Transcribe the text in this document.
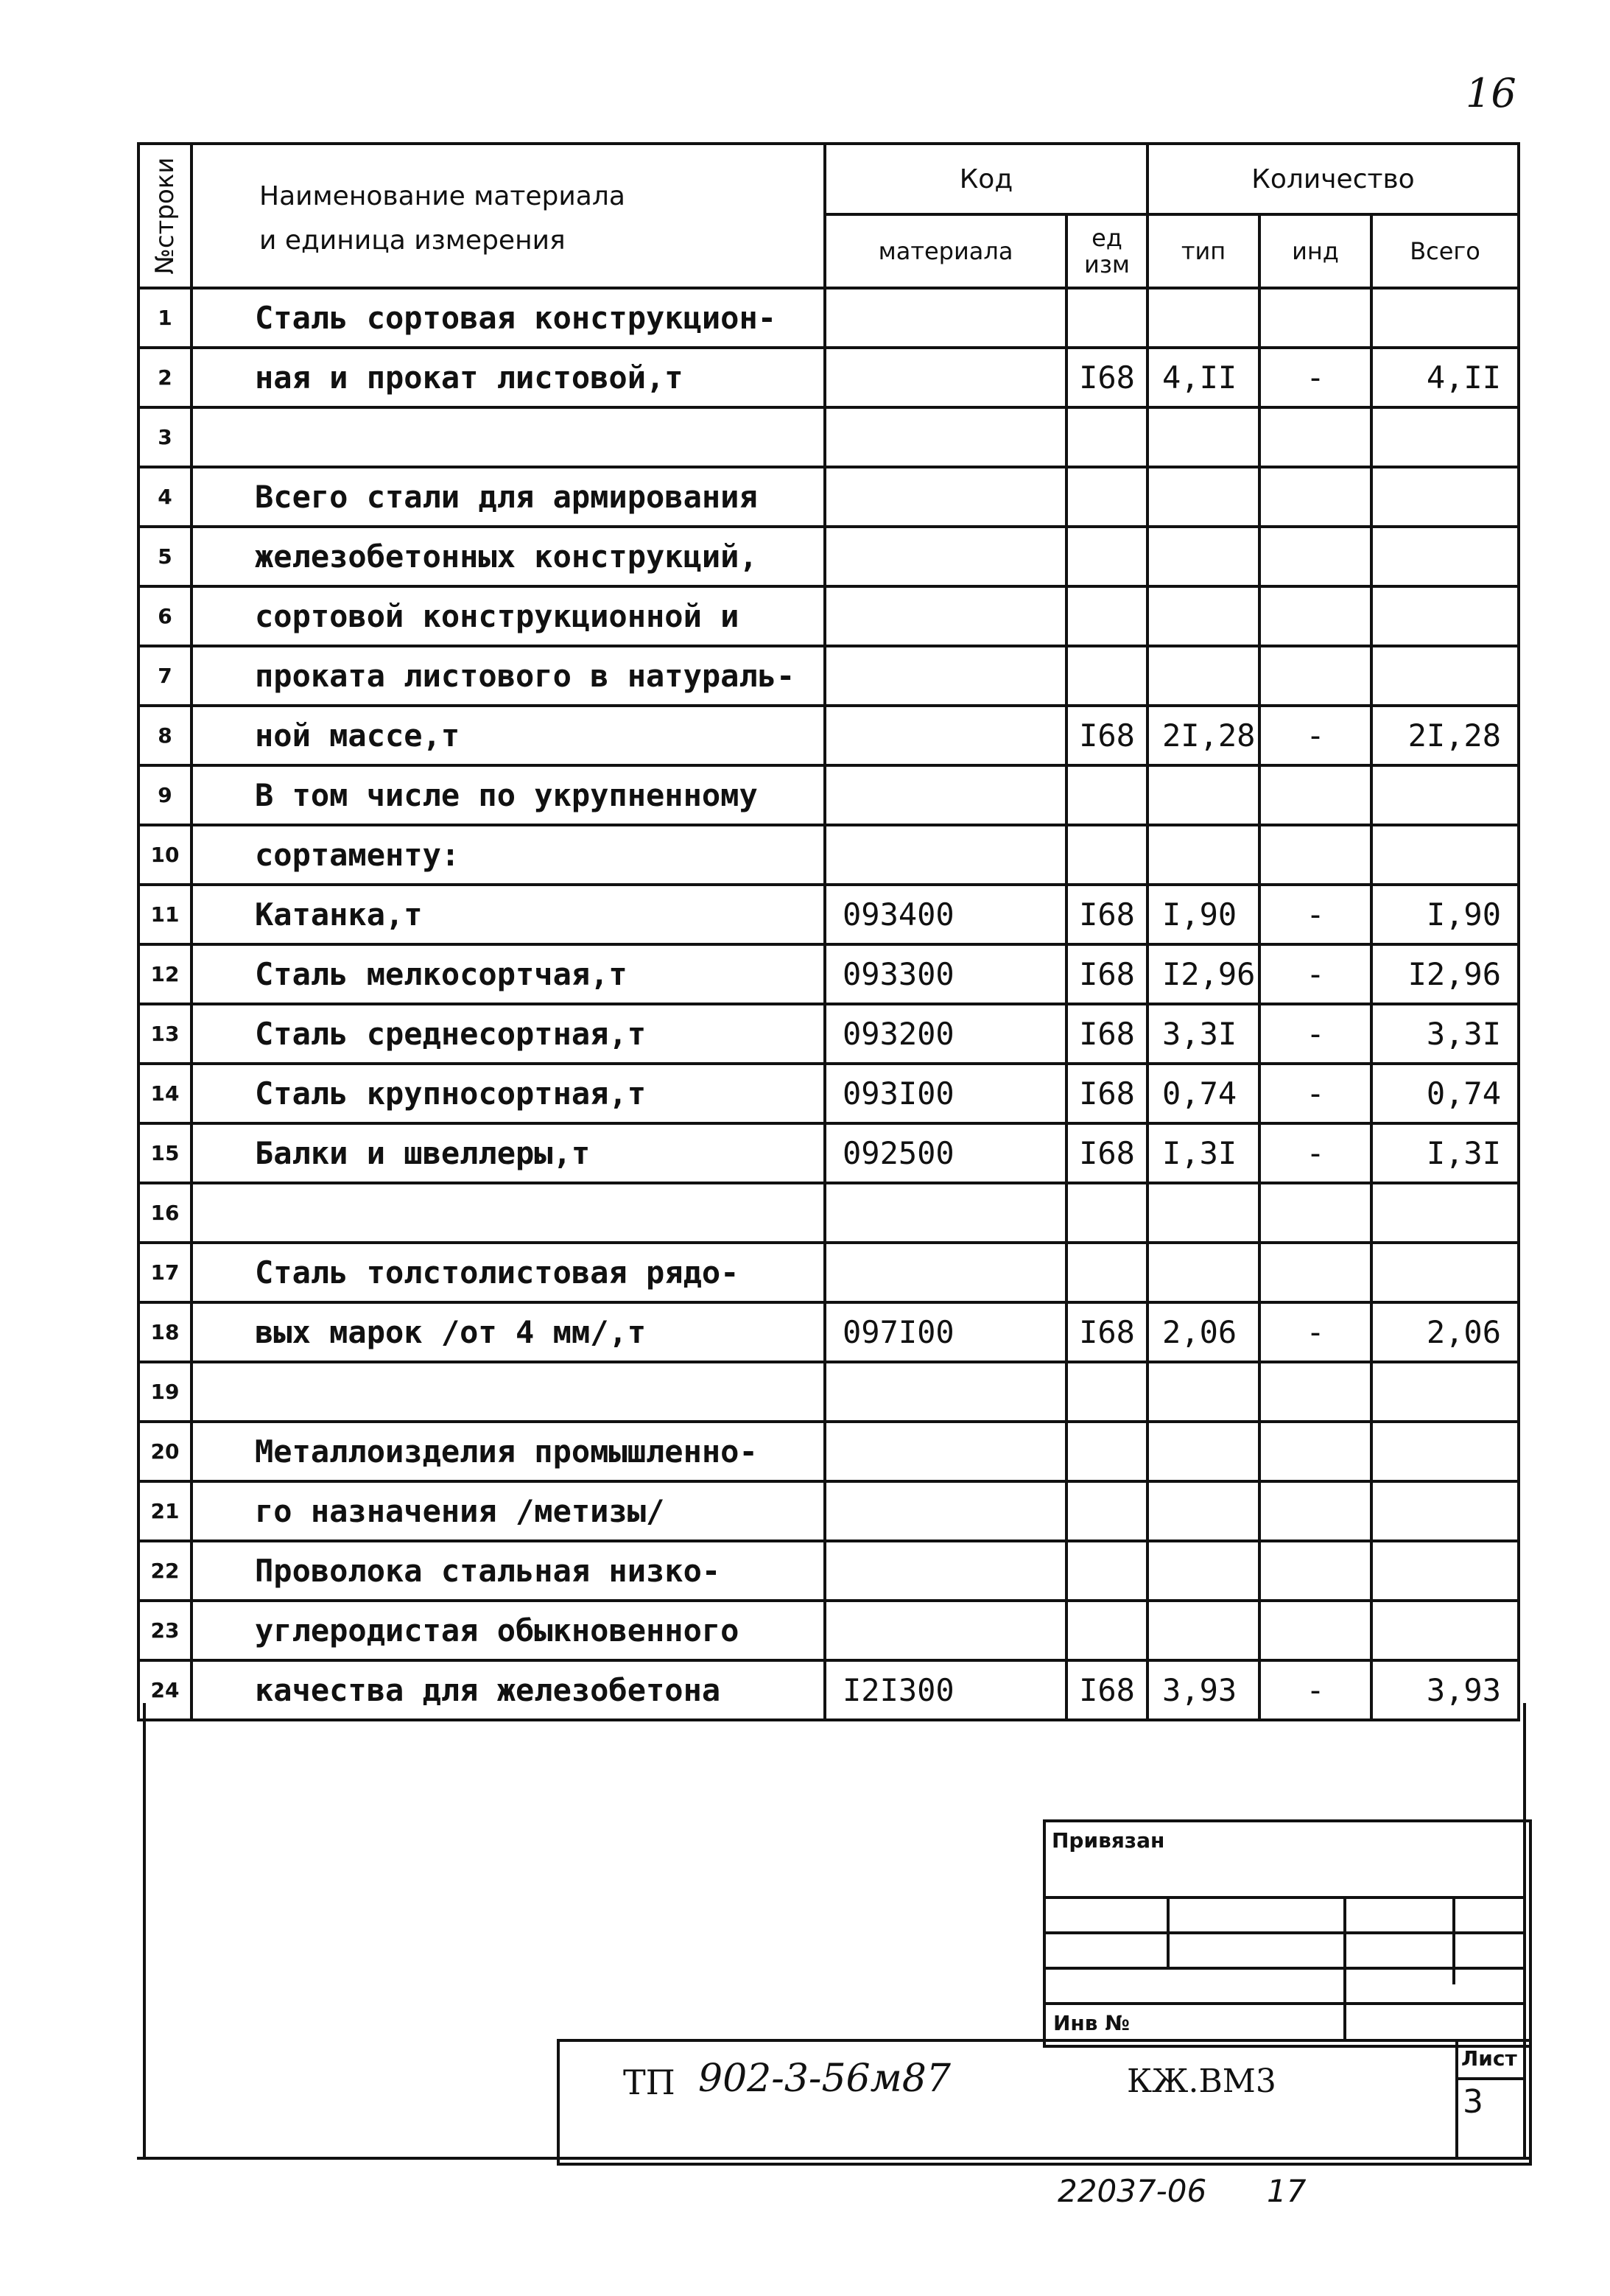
16
№строки	Наименование материала
и единица измерения	Код		Количество		
		материала	ед изм	тип	инд	Всего
1	Сталь сортовая конструкцион-					
2	ная и прокат листовой,т		I68	4,II	-	4,II
3						
4	Всего стали для армирования					
5	железобетонных конструкций,					
6	сортовой конструкционной и					
7	проката листового в натураль-					
8	ной массе,т		I68	2I,28	-	2I,28
9	В том числе по укрупненному					
10	сортаменту:					
11	Катанка,т	093400	I68	I,90	-	I,90
12	Сталь мелкосортчая,т	093300	I68	I2,96	-	I2,96
13	Сталь среднесортная,т	093200	I68	3,3I	-	3,3I
14	Сталь крупносортная,т	093I00	I68	0,74	-	0,74
15	Балки и швеллеры,т	092500	I68	I,3I	-	I,3I
16						
17	Сталь толстолистовая рядо-					
18	вых марок /от 4 мм/,т	097I00	I68	2,06	-	2,06
19						
20	Металлоизделия промышленно-					
21	го назначения /метизы/					
22	Проволока стальная низко-					
23	углеродистая обыкновенного					
24	качества для железобетона	I2I300	I68	3,93	-	3,93
Привязан
Инв №
ТП 902-3-56м87	КЖ.ВМ3
Лист
3
22037-06 17
